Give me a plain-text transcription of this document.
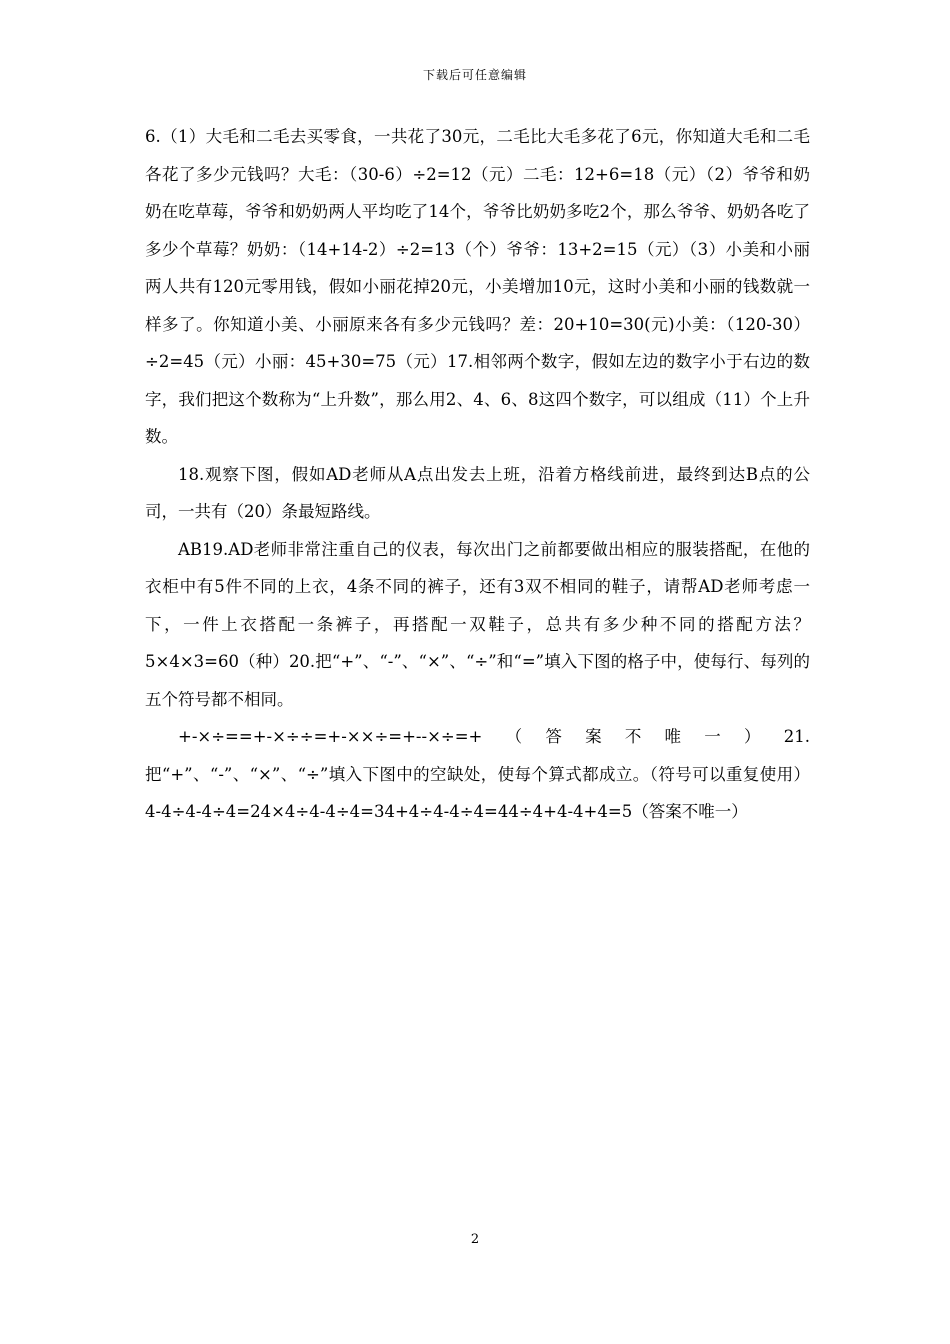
下载后可任意编辑

6.（1）大毛和二毛去买零食，一共花了30元，二毛比大毛多花了6元，你知道大毛和二毛各花了多少元钱吗？大毛：（30-6）÷2=12（元）二毛：12+6=18（元）（2）爷爷和奶奶在吃草莓，爷爷和奶奶两人平均吃了14个，爷爷比奶奶多吃2个，那么爷爷、奶奶各吃了多少个草莓？奶奶：（14+14-2）÷2=13（个）爷爷：13+2=15（元）（3）小美和小丽两人共有120元零用钱，假如小丽花掉20元，小美增加10元，这时小美和小丽的钱数就一样多了。你知道小美、小丽原来各有多少元钱吗？差：20+10=30(元)小美：（120-30）÷2=45（元）小丽：45+30=75（元）17.相邻两个数字，假如左边的数字小于右边的数字，我们把这个数称为“上升数”，那么用2、4、6、8这四个数字，可以组成（11）个上升数。

18.观察下图，假如AD老师从A点出发去上班，沿着方格线前进，最终到达B点的公司，一共有（20）条最短路线。

AB19.AD老师非常注重自己的仪表，每次出门之前都要做出相应的服装搭配，在他的衣柜中有5件不同的上衣，4条不同的裤子，还有3双不相同的鞋子，请帮AD老师考虑一下，一件上衣搭配一条裤子，再搭配一双鞋子，总共有多少种不同的搭配方法？5×4×3=60（种）20.把“+”、“-”、“×”、“÷”和“=”填入下图的格子中，使每行、每列的五个符号都不相同。

+-×÷==+-×÷÷=+-××÷=+--×÷=+（答案不唯一）21.把“+”、“-”、“×”、“÷”填入下图中的空缺处，使每个算式都成立。（符号可以重复使用）4-4÷4-4÷4=24×4÷4-4÷4=34+4÷4-4÷4=44÷4+4-4+4=5（答案不唯一）

2
